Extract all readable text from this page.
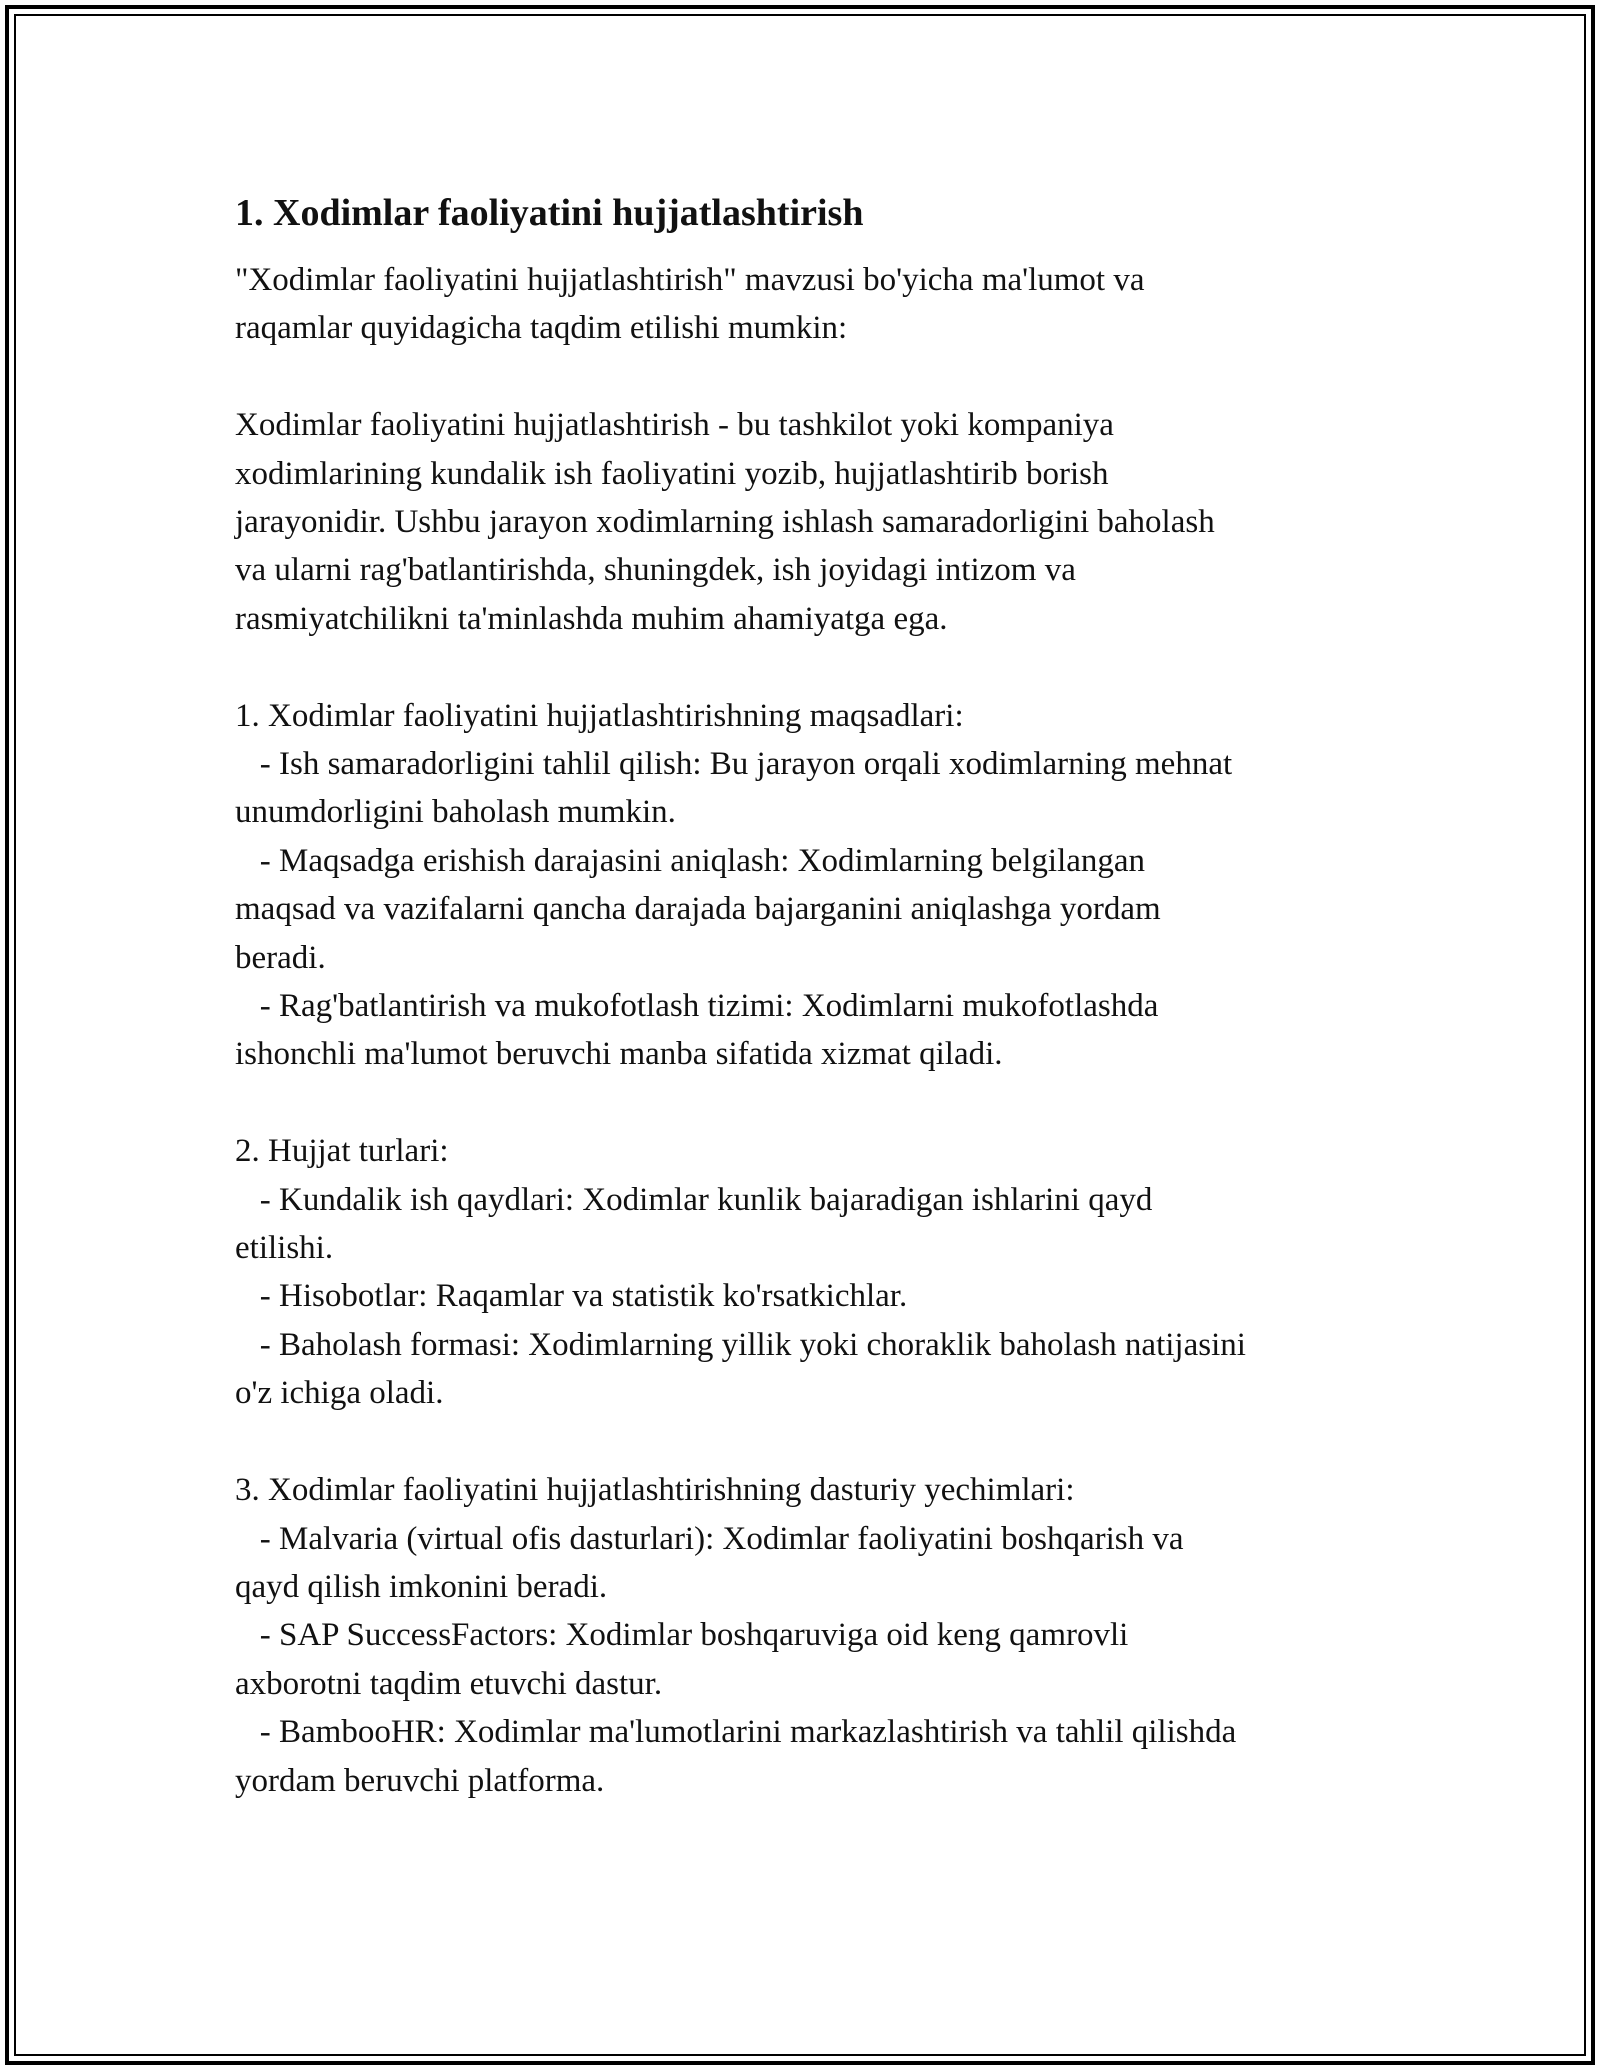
1. Xodimlar faoliyatini hujjatlashtirish

"Xodimlar faoliyatini hujjatlashtirish" mavzusi bo'yicha ma'lumot va
raqamlar quyidagicha taqdim etilishi mumkin:

Xodimlar faoliyatini hujjatlashtirish - bu tashkilot yoki kompaniya
xodimlarining kundalik ish faoliyatini yozib, hujjatlashtirib borish
jarayonidir. Ushbu jarayon xodimlarning ishlash samaradorligini baholash
va ularni rag'batlantirishda, shuningdek, ish joyidagi intizom va
rasmiyatchilikni ta'minlashda muhim ahamiyatga ega.

1. Xodimlar faoliyatini hujjatlashtirishning maqsadlari:
- Ish samaradorligini tahlil qilish: Bu jarayon orqali xodimlarning mehnat
unumdorligini baholash mumkin.
- Maqsadga erishish darajasini aniqlash: Xodimlarning belgilangan
maqsad va vazifalarni qancha darajada bajarganini aniqlashga yordam
beradi.
- Rag'batlantirish va mukofotlash tizimi: Xodimlarni mukofotlashda
ishonchli ma'lumot beruvchi manba sifatida xizmat qiladi.

2. Hujjat turlari:
- Kundalik ish qaydlari: Xodimlar kunlik bajaradigan ishlarini qayd
etilishi.
- Hisobotlar: Raqamlar va statistik ko'rsatkichlar.
- Baholash formasi: Xodimlarning yillik yoki choraklik baholash natijasini
o'z ichiga oladi.

3. Xodimlar faoliyatini hujjatlashtirishning dasturiy yechimlari:
- Malvaria (virtual ofis dasturlari): Xodimlar faoliyatini boshqarish va
qayd qilish imkonini beradi.
- SAP SuccessFactors: Xodimlar boshqaruviga oid keng qamrovli
axborotni taqdim etuvchi dastur.
- BambooHR: Xodimlar ma'lumotlarini markazlashtirish va tahlil qilishda
yordam beruvchi platforma.
